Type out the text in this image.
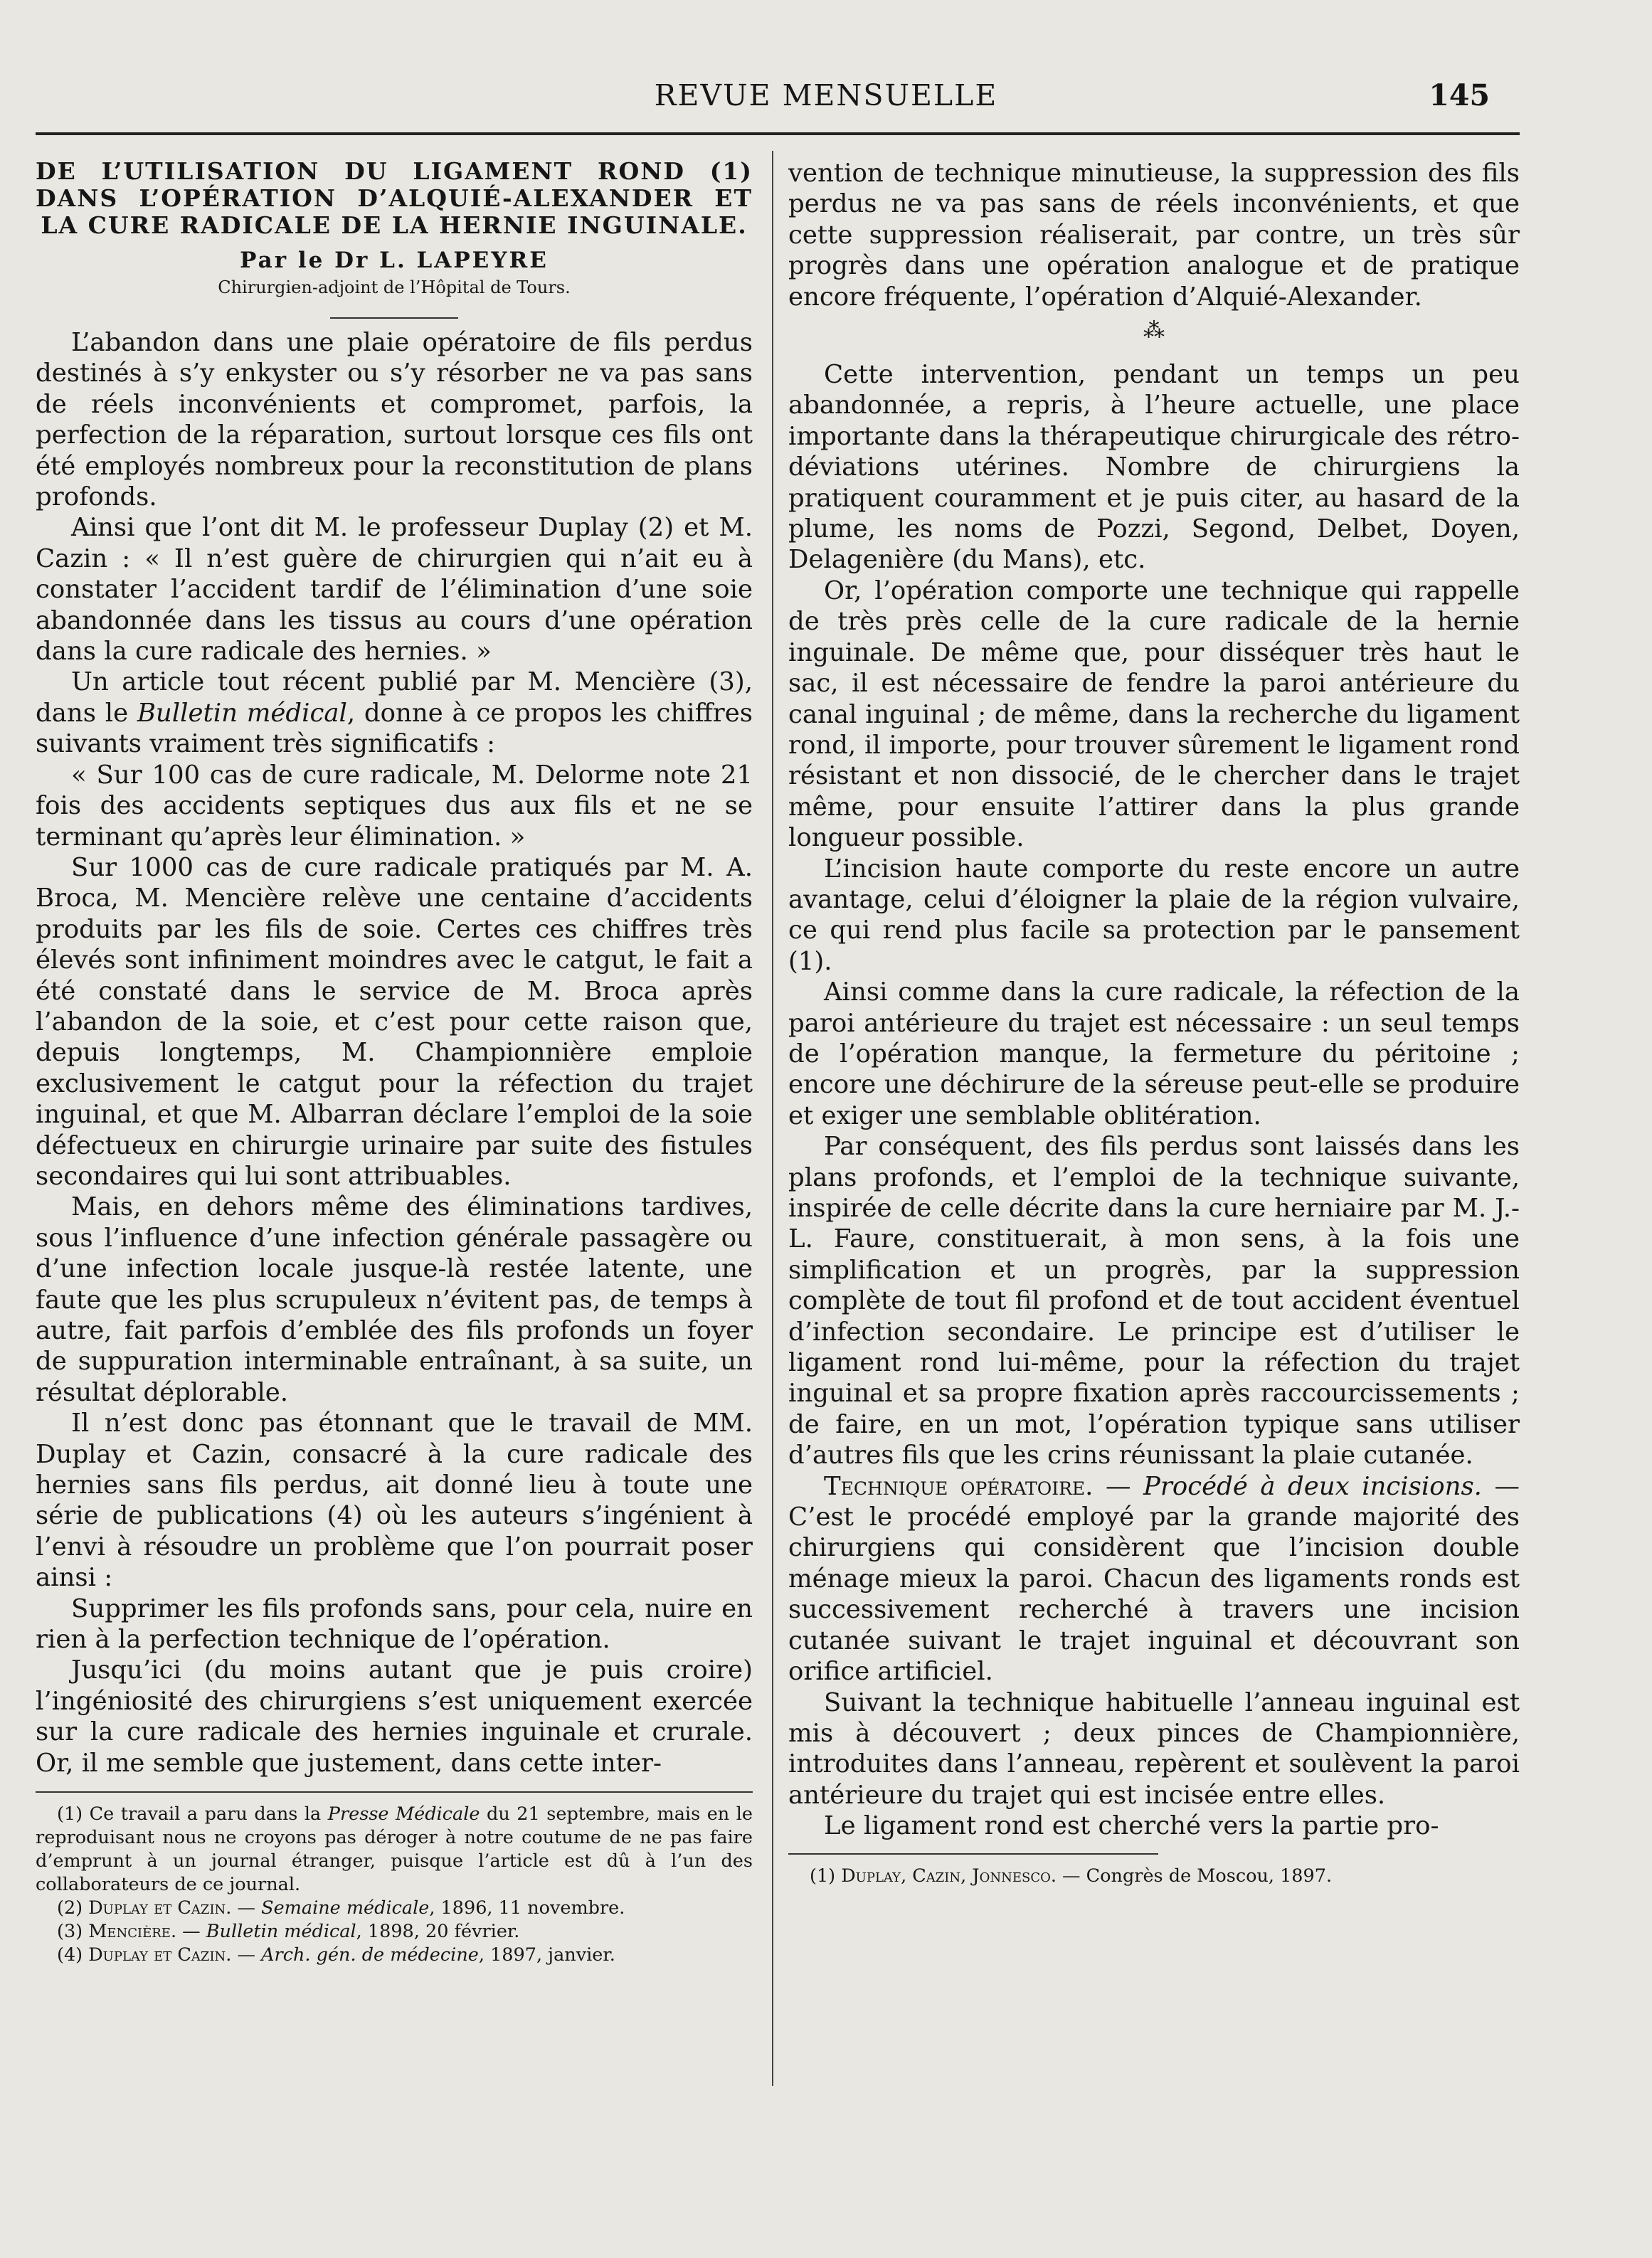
REVUE MENSUELLE	145

DE L’UTILISATION DU LIGAMENT ROND (1) DANS L’OPÉRATION D’ALQUIÉ-ALEXANDER ET LA CURE RADICALE DE LA HERNIE INGUINALE.

Par le Dr L. LAPEYRE
Chirurgien-adjoint de l’Hôpital de Tours.

L’abandon dans une plaie opératoire de fils perdus destinés à s’y enkyster ou s’y résorber ne va pas sans de réels inconvénients et compromet, parfois, la perfection de la réparation, surtout lorsque ces fils ont été employés nombreux pour la reconstitution de plans profonds.

Ainsi que l’ont dit M. le professeur Duplay (2) et M. Cazin : « Il n’est guère de chirurgien qui n’ait eu à constater l’accident tardif de l’élimination d’une soie abandonnée dans les tissus au cours d’une opération dans la cure radicale des hernies. »

Un article tout récent publié par M. Mencière (3), dans le Bulletin médical, donne à ce propos les chiffres suivants vraiment très significatifs :

« Sur 100 cas de cure radicale, M. Delorme note 21 fois des accidents septiques dus aux fils et ne se terminant qu’après leur élimination. »

Sur 1000 cas de cure radicale pratiqués par M. A. Broca, M. Mencière relève une centaine d’accidents produits par les fils de soie. Certes ces chiffres très élevés sont infiniment moindres avec le catgut, le fait a été constaté dans le service de M. Broca après l’abandon de la soie, et c’est pour cette raison que, depuis longtemps, M. Championnière emploie exclusivement le catgut pour la réfection du trajet inguinal, et que M. Albarran déclare l’emploi de la soie défectueux en chirurgie urinaire par suite des fistules secondaires qui lui sont attribuables.

Mais, en dehors même des éliminations tardives, sous l’influence d’une infection générale passagère ou d’une infection locale jusque-là restée latente, une faute que les plus scrupuleux n’évitent pas, de temps à autre, fait parfois d’emblée des fils profonds un foyer de suppuration interminable entraînant, à sa suite, un résultat déplorable.

Il n’est donc pas étonnant que le travail de MM. Duplay et Cazin, consacré à la cure radicale des hernies sans fils perdus, ait donné lieu à toute une série de publications (4) où les auteurs s’ingénient à l’envi à résoudre un problème que l’on pourrait poser ainsi :

Supprimer les fils profonds sans, pour cela, nuire en rien à la perfection technique de l’opération.

Jusqu’ici (du moins autant que je puis croire) l’ingéniosité des chirurgiens s’est uniquement exercée sur la cure radicale des hernies inguinale et crurale. Or, il me semble que justement, dans cette inter-

(1) Ce travail a paru dans la Presse Médicale du 21 septembre, mais en le reproduisant nous ne croyons pas déroger à notre coutume de ne pas faire d’emprunt à un journal étranger, puisque l’article est dû à l’un des collaborateurs de ce journal.

(2) Duplay et Cazin. — Semaine médicale, 1896, 11 novembre.

(3) Mencière. — Bulletin médical, 1898, 20 février.

(4) Duplay et Cazin. — Arch. gén. de médecine, 1897, janvier.

vention de technique minutieuse, la suppression des fils perdus ne va pas sans de réels inconvénients, et que cette suppression réaliserait, par contre, un très sûr progrès dans une opération analogue et de pratique encore fréquente, l’opération d’Alquié-Alexander.

⁂

Cette intervention, pendant un temps un peu abandonnée, a repris, à l’heure actuelle, une place importante dans la thérapeutique chirurgicale des rétro-déviations utérines. Nombre de chirurgiens la pratiquent couramment et je puis citer, au hasard de la plume, les noms de Pozzi, Segond, Delbet, Doyen, Delagenière (du Mans), etc.

Or, l’opération comporte une technique qui rappelle de très près celle de la cure radicale de la hernie inguinale. De même que, pour disséquer très haut le sac, il est nécessaire de fendre la paroi antérieure du canal inguinal ; de même, dans la recherche du ligament rond, il importe, pour trouver sûrement le ligament rond résistant et non dissocié, de le chercher dans le trajet même, pour ensuite l’attirer dans la plus grande longueur possible.

L’incision haute comporte du reste encore un autre avantage, celui d’éloigner la plaie de la région vulvaire, ce qui rend plus facile sa protection par le pansement (1).

Ainsi comme dans la cure radicale, la réfection de la paroi antérieure du trajet est nécessaire : un seul temps de l’opération manque, la fermeture du péritoine ; encore une déchirure de la séreuse peut-elle se produire et exiger une semblable oblitération.

Par conséquent, des fils perdus sont laissés dans les plans profonds, et l’emploi de la technique suivante, inspirée de celle décrite dans la cure herniaire par M. J.-L. Faure, constituerait, à mon sens, à la fois une simplification et un progrès, par la suppression complète de tout fil profond et de tout accident éventuel d’infection secondaire. Le principe est d’utiliser le ligament rond lui-même, pour la réfection du trajet inguinal et sa propre fixation après raccourcissements ; de faire, en un mot, l’opération typique sans utiliser d’autres fils que les crins réunissant la plaie cutanée.

Technique opératoire. — Procédé à deux incisions. — C’est le procédé employé par la grande majorité des chirurgiens qui considèrent que l’incision double ménage mieux la paroi. Chacun des ligaments ronds est successivement recherché à travers une incision cutanée suivant le trajet inguinal et découvrant son orifice artificiel.

Suivant la technique habituelle l’anneau inguinal est mis à découvert ; deux pinces de Championnière, introduites dans l’anneau, repèrent et soulèvent la paroi antérieure du trajet qui est incisée entre elles.

Le ligament rond est cherché vers la partie pro-

(1) Duplay, Cazin, Jonnesco. — Congrès de Moscou, 1897.
